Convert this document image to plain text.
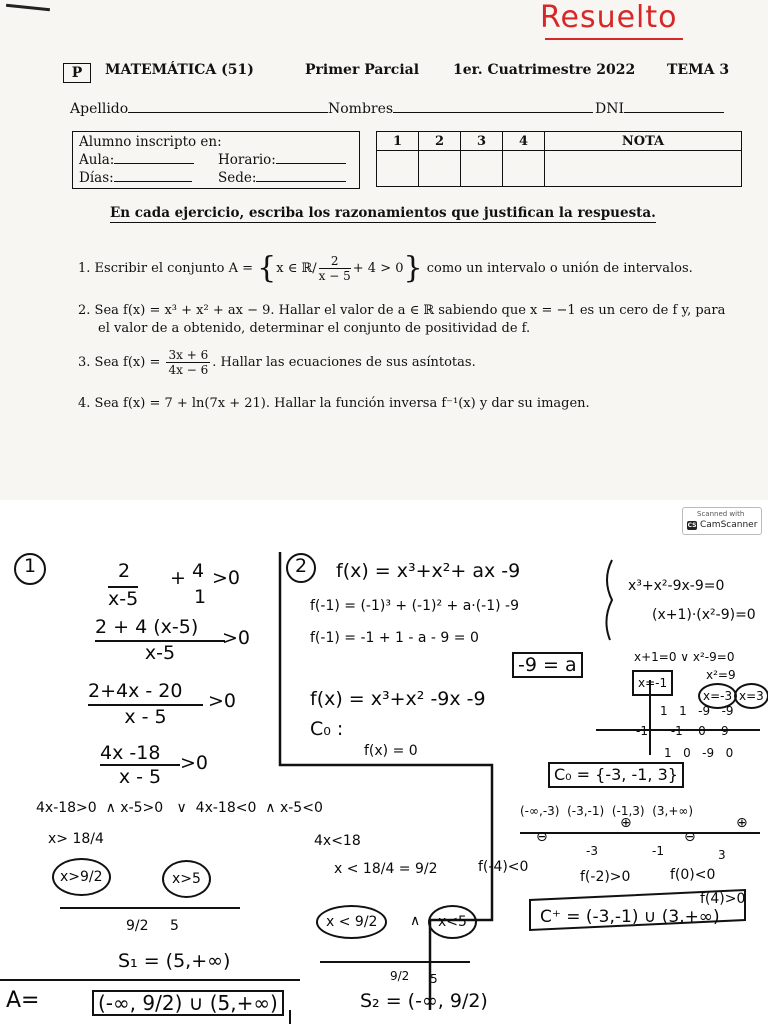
Resuelto
P	MATEMÁTICA (51)	Primer Parcial 1er. Cuatrimestre 2022 TEMA 3
Apellido	Nombres	DNI
Alumno inscripto en:
Aula:	Horario:
Días:	Sede:
1	2	3	4	NOTA

En cada ejercicio, escriba los razonamientos que justifican la respuesta.
1. Escribir el conjunto A = {x ∈ ℝ/ $\frac{2}{x - 5} + 4 > 0$} como un intervalo o unión de intervalos.
2. Sea f(x) = x³ + x² + ax − 9. Hallar el valor de a ∈ ℝ sabiendo que x = −1 es un cero de f y, para
el valor de a obtenido, determinar el conjunto de positividad de f.
3. Sea $f(x) = \frac{3x + 6}{4x - 6}$ . Hallar las ecuaciones de sus asíntotas.
4. Sea f(x) = 7 + ln(7x + 21). Hallar la función inversa f⁻¹(x) y dar su imagen.
Scanned with
CS CamScanner
1	2
x-5
+ 4
1
>0
2 + 4 (x-5)
x-5
>0
2+4x - 20
x - 5
>0
4x -18
x - 5
>0
4x-18>0  ∧ x-5>0   ∨  4x-18<0  ∧ x-5<0
x> 18/4
x>9/2	x>5
9/2 5
S₁ = (5,+∞)
A=	(-∞, 9/2) ∪ (5,+∞)
4x<18
x < 18/4 = 9/2
x < 9/2	∧	x<5
9/2 5
S₂ = (-∞, 9/2)
2	f(x) = x³+x²+ ax -9
f(-1) = (-1)³ + (-1)² + a·(-1) -9
f(-1) = -1 + 1 - a - 9 = 0
-9 = a
f(x) = x³+x² -9x -9
C₀ :
f(x) = 0
x³+x²-9x-9=0
(x+1)·(x²-9)=0
x+1=0 ∨ x²-9=0
x²=9
x=-1
x=-3 x=3
1   1   -9   -9
-1      -1    0    9
1   0   -9   0
C₀ = {-3, -1, 3}
(-∞,-3)  (-3,-1)  (-1,3)  (3,+∞)
⊖
⊕
⊖
⊕
-3	-1	3
f(-4)<0
f(-2)>0	f(0)<0
f(4)>0
C⁺ = (-3,-1) ∪ (3,+∞)
